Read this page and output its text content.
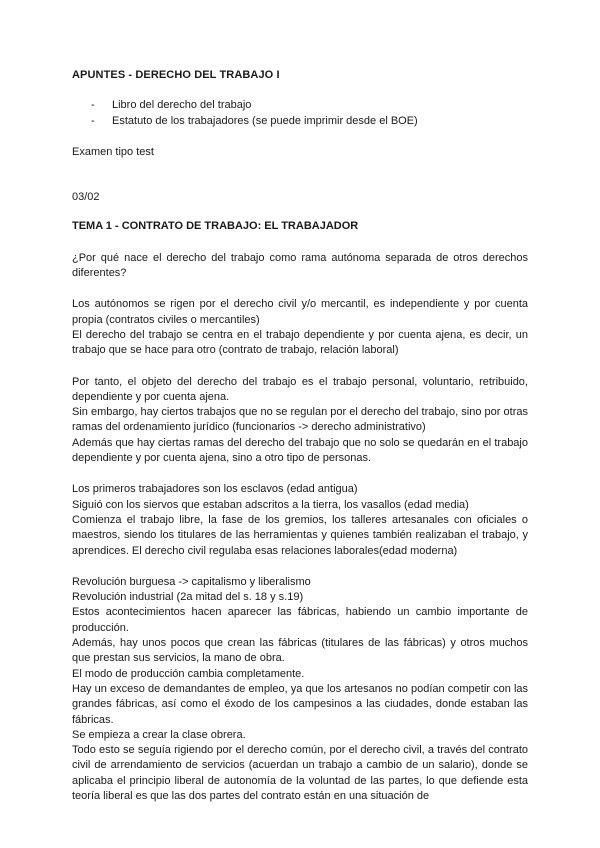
APUNTES - DERECHO DEL TRABAJO I

- Libro del derecho del trabajo
- Estatuto de los trabajadores (se puede imprimir desde el BOE)

Examen tipo test

03/02

TEMA 1 - CONTRATO DE TRABAJO: EL TRABAJADOR

¿Por qué nace el derecho del trabajo como rama autónoma separada de otros derechos diferentes?

Los autónomos se rigen por el derecho civil y/o mercantil, es independiente y por cuenta propia (contratos civiles o mercantiles)

El derecho del trabajo se centra en el trabajo dependiente y por cuenta ajena, es decir, un trabajo que se hace para otro (contrato de trabajo, relación laboral)

Por tanto, el objeto del derecho del trabajo es el trabajo personal, voluntario, retribuido, dependiente y por cuenta ajena.

Sin embargo, hay ciertos trabajos que no se regulan por el derecho del trabajo, sino por otras ramas del ordenamiento jurídico (funcionarios -> derecho administrativo)

Además que hay ciertas ramas del derecho del trabajo que no solo se quedarán en el trabajo dependiente y por cuenta ajena, sino a otro tipo de personas.

Los primeros trabajadores son los esclavos (edad antigua)

Siguió con los siervos que estaban adscritos a la tierra, los vasallos (edad media)

Comienza el trabajo libre, la fase de los gremios, los talleres artesanales con oficiales o maestros, siendo los titulares de las herramientas y quienes también realizaban el trabajo, y aprendices. El derecho civil regulaba esas relaciones laborales(edad moderna)

Revolución burguesa -> capitalismo y liberalismo

Revolución industrial (2a mitad del s. 18 y s.19)

Estos acontecimientos hacen aparecer las fábricas, habiendo un cambio importante de producción.

Además, hay unos pocos que crean las fábricas (titulares de las fábricas) y otros muchos que prestan sus servicios, la mano de obra.

El modo de producción cambia completamente.

Hay un exceso de demandantes de empleo, ya que los artesanos no podían competir con las grandes fábricas, así como el éxodo de los campesinos a las ciudades, donde estaban las fábricas.

Se empieza a crear la clase obrera.

Todo esto se seguía rigiendo por el derecho común, por el derecho civil, a través del contrato civil de arrendamiento de servicios (acuerdan un trabajo a cambio de un salario), donde se aplicaba el principio liberal de autonomía de la voluntad de las partes, lo que defiende esta teoría liberal es que las dos partes del contrato están en una situación de
